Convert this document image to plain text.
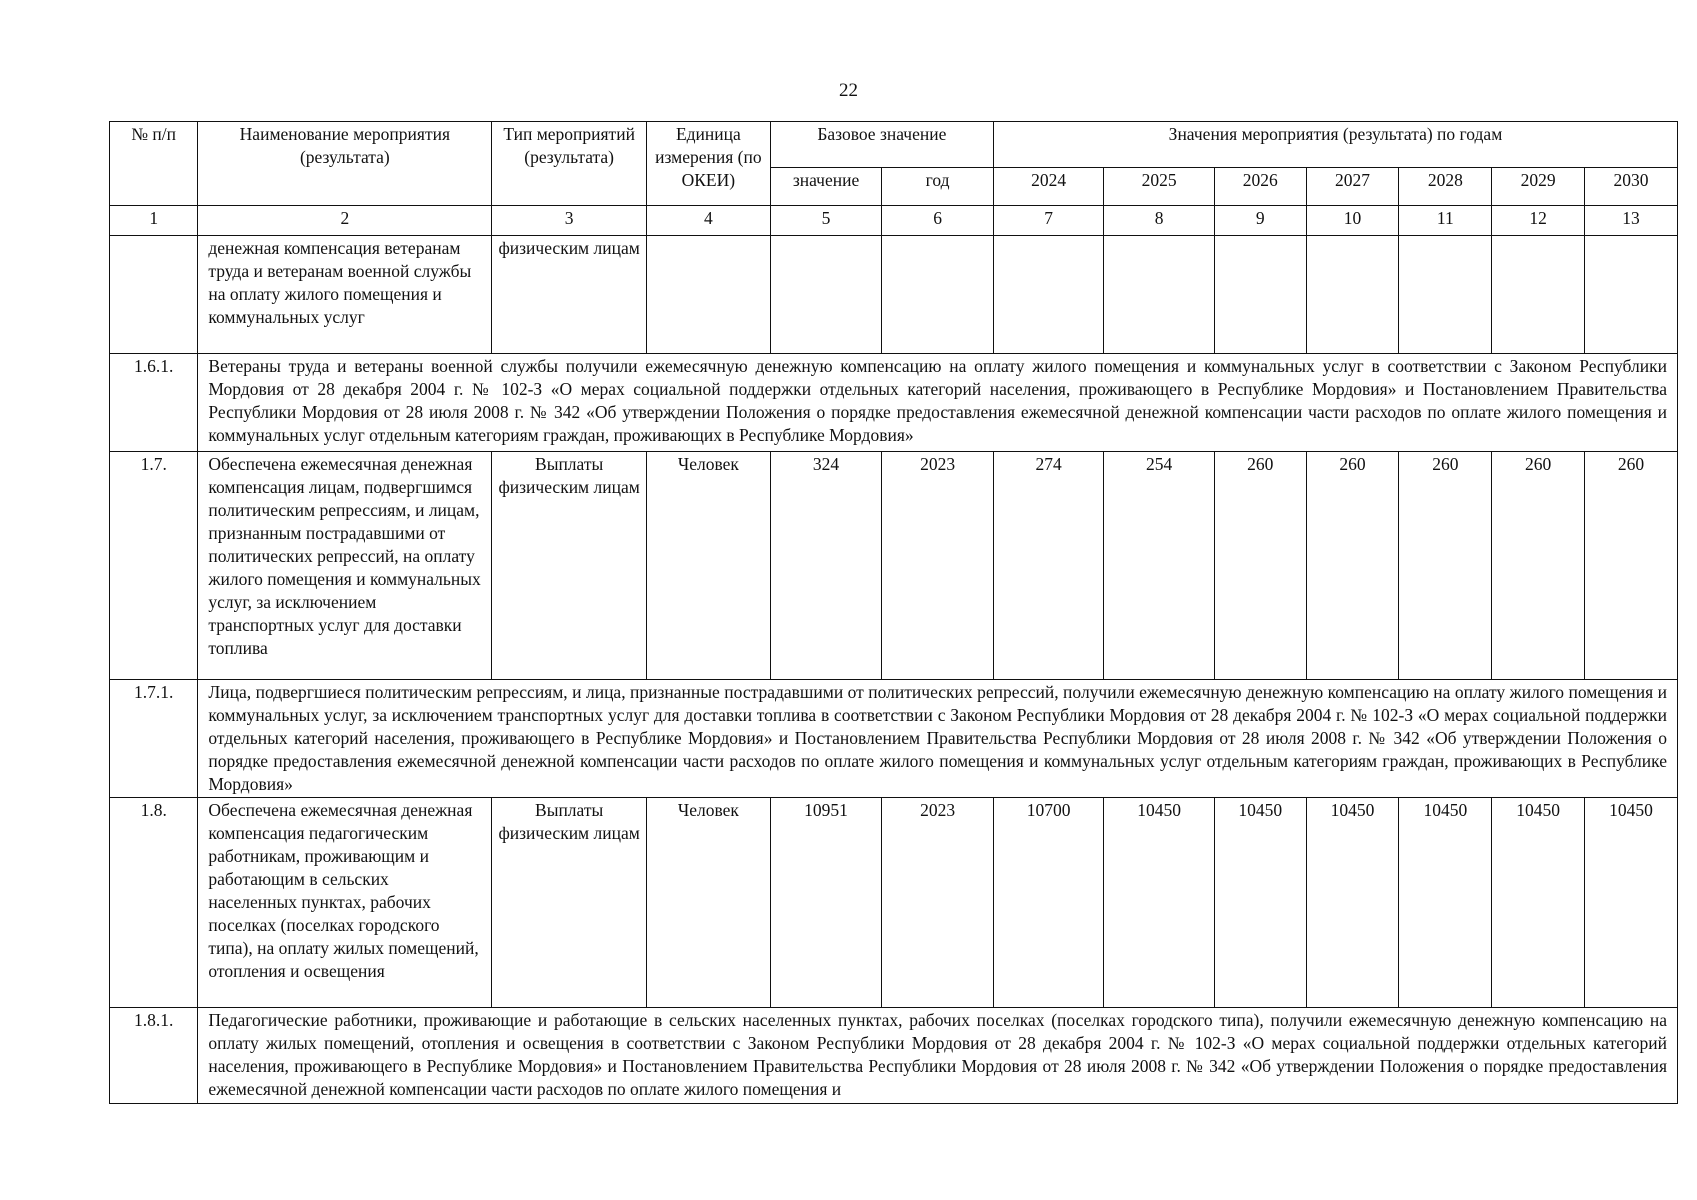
22
№ п/п	Наименование мероприятия (результата)	Тип мероприятий (результата)	Единица измерения (по ОКЕИ)	Базовое значение		Значения мероприятия (результата) по годам						
				значение	год	2024	2025	2026	2027	2028	2029	2030
1	2	3	4	5	6	7	8	9	10	11	12	13
	денежная компенсация ветеранам труда и ветеранам военной службы на оплату жилого помещения и коммунальных услуг	физическим лицам										
1.6.1.	Ветераны труда и ветераны военной службы получили ежемесячную денежную компенсацию на оплату жилого помещения и коммунальных услуг в соответствии с Законом Республики Мордовия от 28 декабря 2004 г. № 102-З «О мерах социальной поддержки отдельных категорий населения, проживающего в Республике Мордовия» и Постановлением Правительства Республики Мордовия от 28 июля 2008 г. № 342 «Об утверждении Положения о порядке предоставления ежемесячной денежной компенсации части расходов по оплате жилого помещения и коммунальных услуг отдельным категориям граждан, проживающих в Республике Мордовия»											
1.7.	Обеспечена ежемесячная денежная компенсация лицам, подвергшимся политическим репрессиям, и лицам, признанным пострадавшими от политических репрессий, на оплату жилого помещения и коммунальных услуг, за исключением транспортных услуг для доставки топлива	Выплаты физическим лицам	Человек	324	2023	274	254	260	260	260	260	260
1.7.1.	Лица, подвергшиеся политическим репрессиям, и лица, признанные пострадавшими от политических репрессий, получили ежемесячную денежную компенсацию на оплату жилого помещения и коммунальных услуг, за исключением транспортных услуг для доставки топлива в соответствии с Законом Республики Мордовия от 28 декабря 2004 г. № 102-З «О мерах социальной поддержки отдельных категорий населения, проживающего в Республике Мордовия» и Постановлением Правительства Республики Мордовия от 28 июля 2008 г. № 342 «Об утверждении Положения о порядке предоставления ежемесячной денежной компенсации части расходов по оплате жилого помещения и коммунальных услуг отдельным категориям граждан, проживающих в Республике Мордовия»											
1.8.	Обеспечена ежемесячная денежная компенсация педагогическим работникам, проживающим и работающим в сельских населенных пунктах, рабочих поселках (поселках городского типа), на оплату жилых помещений, отопления и освещения	Выплаты физическим лицам	Человек	10951	2023	10700	10450	10450	10450	10450	10450	10450
1.8.1.	Педагогические работники, проживающие и работающие в сельских населенных пунктах, рабочих поселках (поселках городского типа), получили ежемесячную денежную компенсацию на оплату жилых помещений, отопления и освещения в соответствии с Законом Республики Мордовия от 28 декабря 2004 г. № 102-З «О мерах социальной поддержки отдельных категорий населения, проживающего в Республике Мордовия» и Постановлением Правительства Республики Мордовия от 28 июля 2008 г. № 342 «Об утверждении Положения о порядке предоставления ежемесячной денежной компенсации части расходов по оплате жилого помещения и											
